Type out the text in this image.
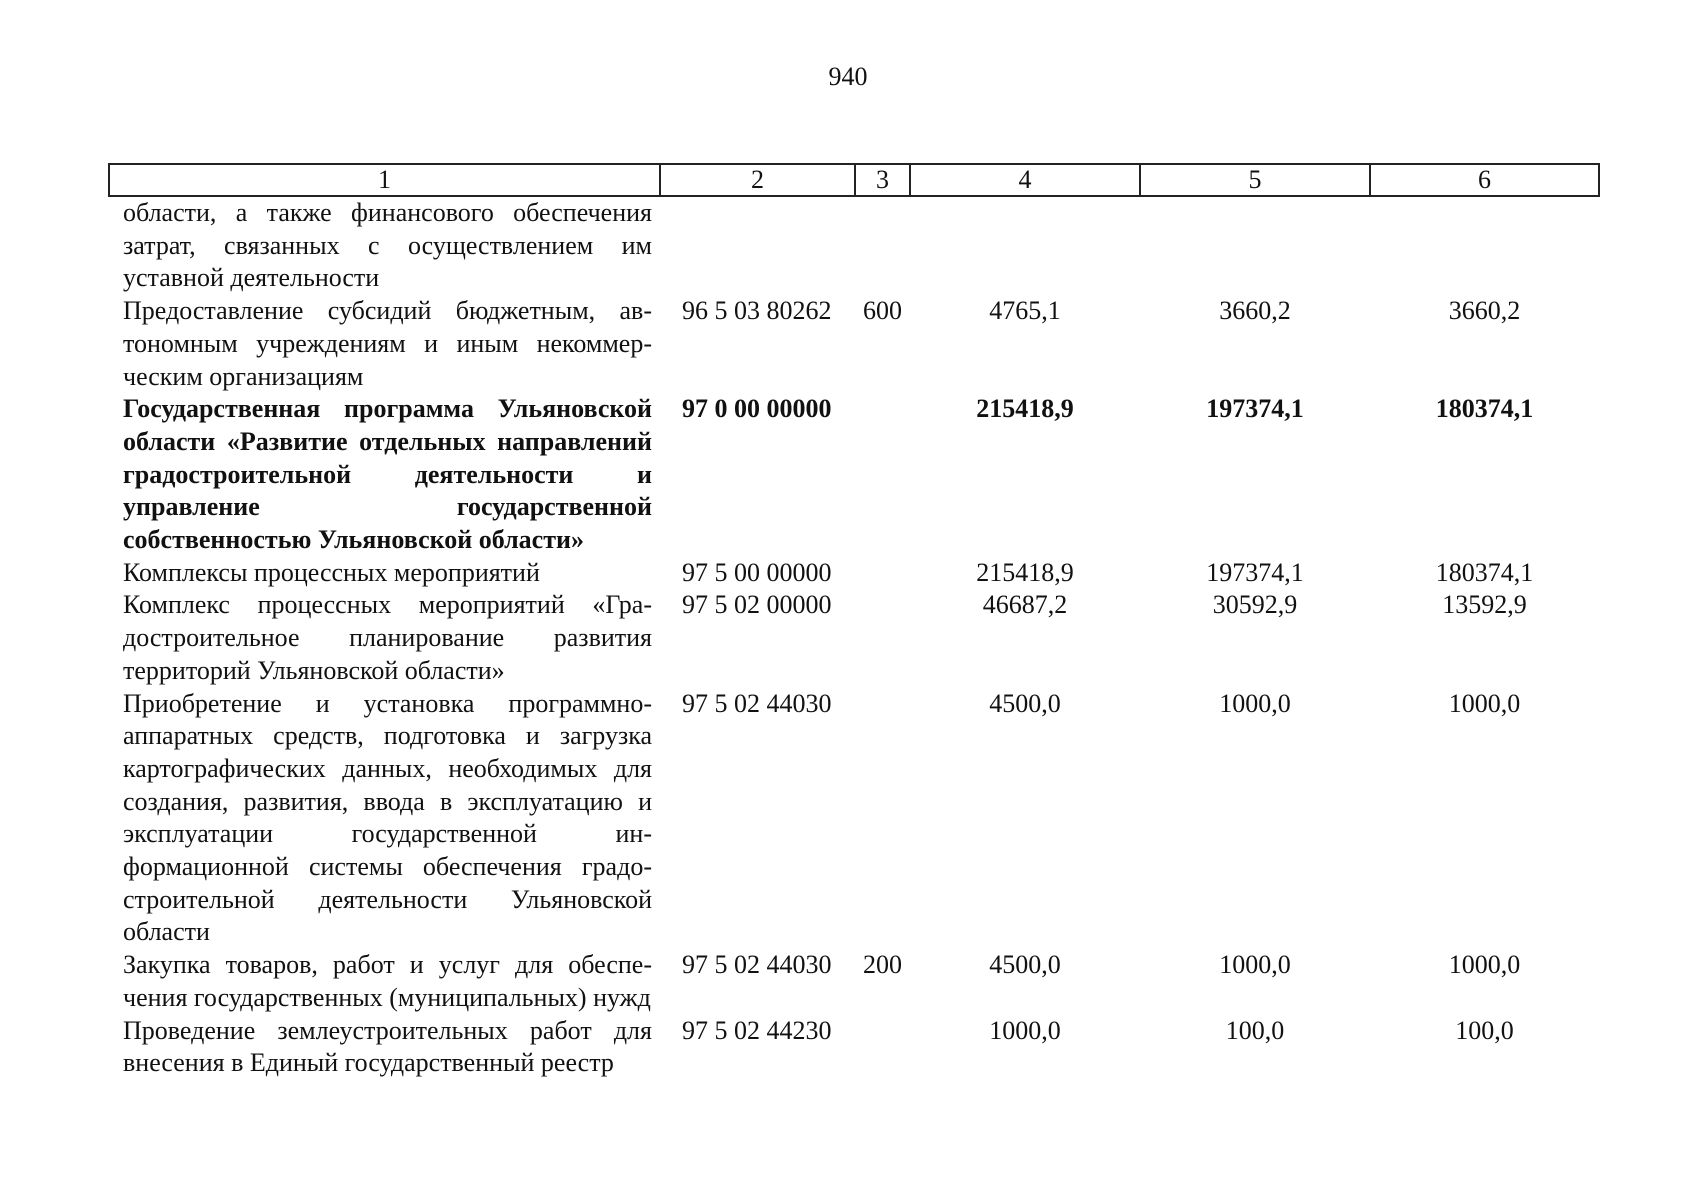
940
1	2	3	4	5	6
области, а также финансового обеспечения затрат, связанных с осуществлением им уставной деятельности					
Предоставление субсидий бюджетным, автономным учреждениям и иным некоммерческим организациям	96 5 03 80262	600	4765,1	3660,2	3660,2
Государственная программа Ульяновской области «Развитие отдельных направлений градостроительной деятельности и управление государственной собственностью Ульяновской области»	97 0 00 00000		215418,9	197374,1	180374,1
Комплексы процессных мероприятий	97 5 00 00000		215418,9	197374,1	180374,1
Комплекс процессных мероприятий «Градостроительное планирование развития территорий Ульяновской области»	97 5 02 00000		46687,2	30592,9	13592,9
Приобретение и установка программно-аппаратных средств, подготовка и загрузка картографических данных, необходимых для создания, развития, ввода в эксплуатацию и эксплуатации государственной информационной системы обеспечения градостроительной деятельности Ульяновской области	97 5 02 44030		4500,0	1000,0	1000,0
Закупка товаров, работ и услуг для обеспечения государственных (муниципальных) нужд	97 5 02 44030	200	4500,0	1000,0	1000,0
Проведение землеустроительных работ для внесения в Единый государственный реестр	97 5 02 44230		1000,0	100,0	100,0
